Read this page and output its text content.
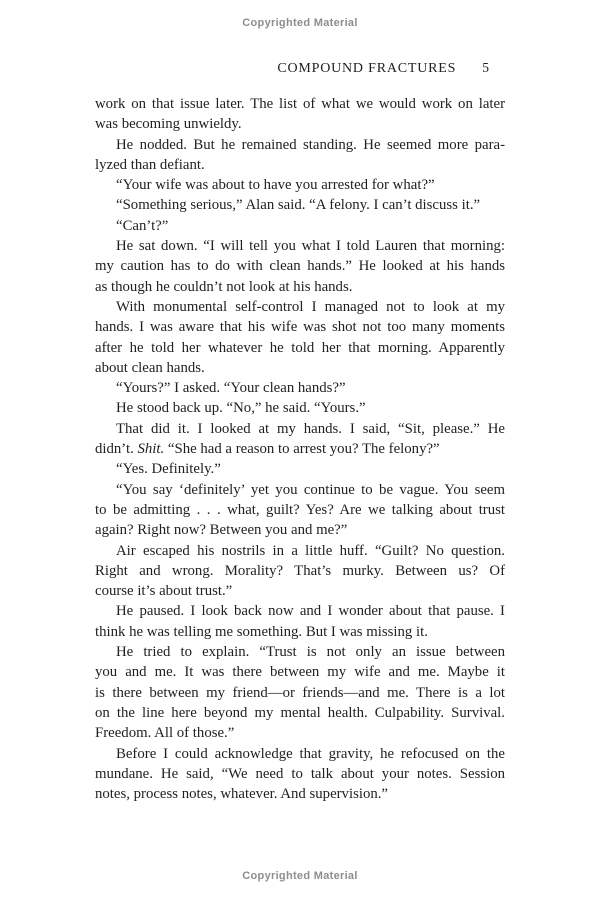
Copyrighted Material
COMPOUND FRACTURES 5
work on that issue later. The list of what we would work on later
was becoming unwieldy.
He nodded. But he remained standing. He seemed more para-
lyzed than defiant.
“Your wife was about to have you arrested for what?”
“Something serious,” Alan said. “A felony. I can’t discuss it.”
“Can’t?”
He sat down. “I will tell you what I told Lauren that morning:
my caution has to do with clean hands.” He looked at his hands
as though he couldn’t not look at his hands.
With monumental self-control I managed not to look at my
hands. I was aware that his wife was shot not too many moments
after he told her whatever he told her that morning. Apparently
about clean hands.
“Yours?” I asked. “Your clean hands?”
He stood back up. “No,” he said. “Yours.”
That did it. I looked at my hands. I said, “Sit, please.” He
didn’t. Shit. “She had a reason to arrest you? The felony?”
“Yes. Definitely.”
“You say ‘definitely’ yet you continue to be vague. You seem
to be admitting . . . what, guilt? Yes? Are we talking about trust
again? Right now? Between you and me?”
Air escaped his nostrils in a little huff. “Guilt? No question.
Right and wrong. Morality? That’s murky. Between us? Of
course it’s about trust.”
He paused. I look back now and I wonder about that pause. I
think he was telling me something. But I was missing it.
He tried to explain. “Trust is not only an issue between
you and me. It was there between my wife and me. Maybe it
is there between my friend—or friends—and me. There is a lot
on the line here beyond my mental health. Culpability. Survival.
Freedom. All of those.”
Before I could acknowledge that gravity, he refocused on the
mundane. He said, “We need to talk about your notes. Session
notes, process notes, whatever. And supervision.”
Copyrighted Material
